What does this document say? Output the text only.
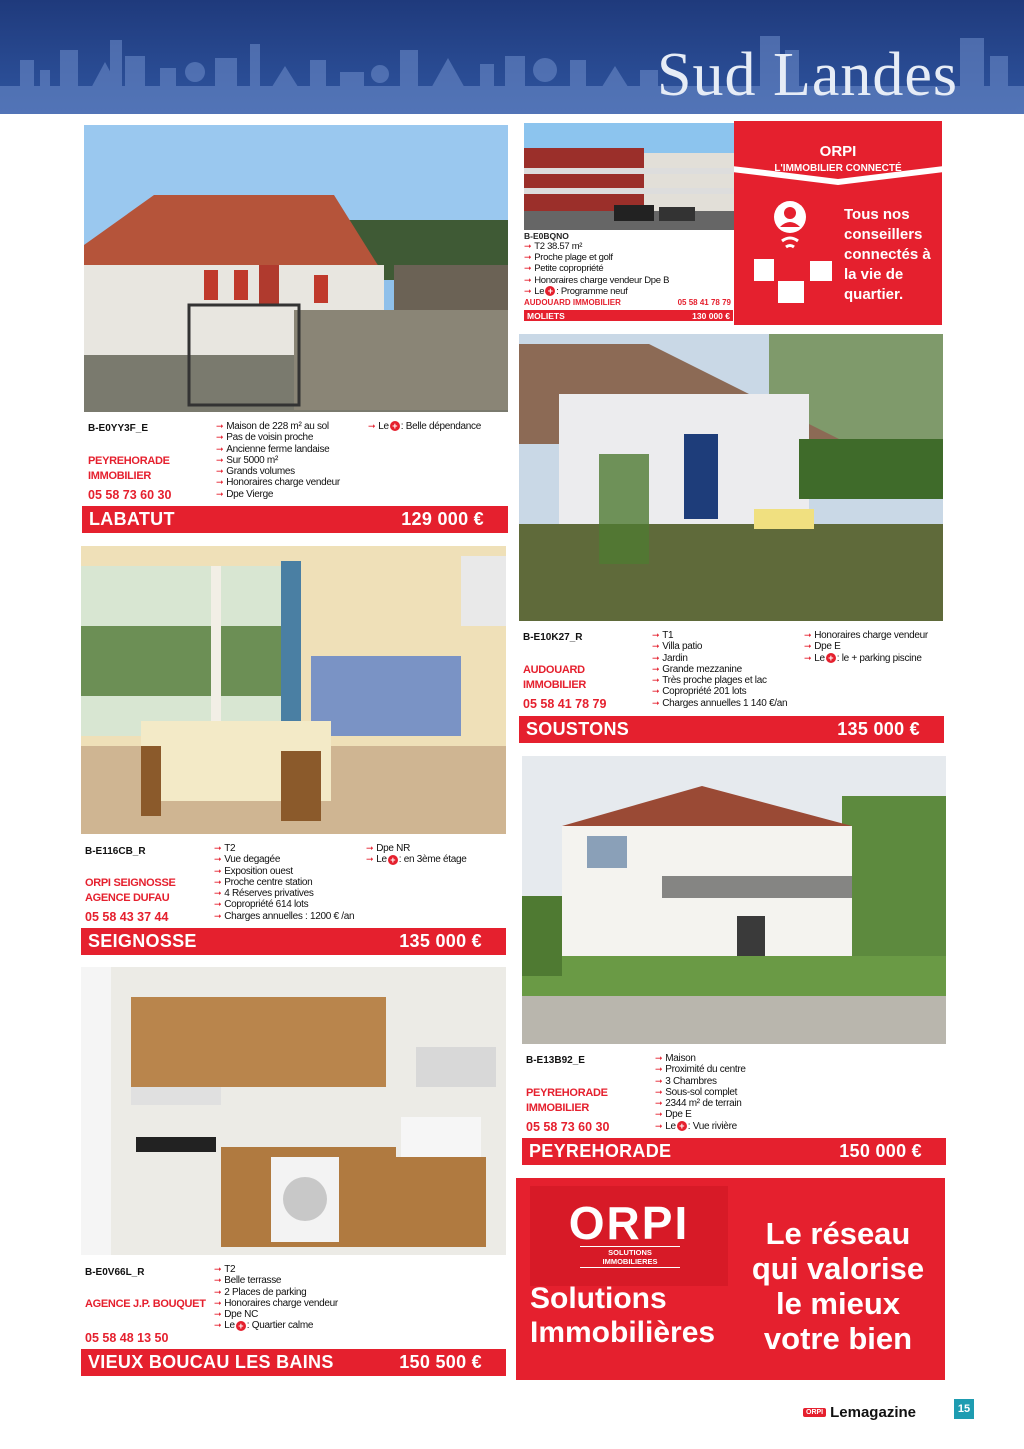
Sud Landes
B-E0YY3F_E
PEYREHORADE
IMMOBILIER
05 58 73 60 30
➞ Maison de 228 m² au sol
➞ Pas de voisin proche
➞ Ancienne ferme landaise
➞ Sur 5000 m²
➞ Grands volumes
➞ Honoraires charge vendeur
➞ Dpe Vierge
➞ Le + : Belle dépendance
LABATUT	129 000 €
B-E0BQNO
➞ T2 38.57 m²
➞ Proche plage et golf
➞ Petite copropriété
➞ Honoraires charge vendeur Dpe B
➞ Le + : Programme neuf
AUDOUARD IMMOBILIER	05 58 41 78 79
MOLIETS	130 000 €
ORPI
L'IMMOBILIER CONNECTÉ
Tous nos conseillers connectés à la vie de quartier.
B-E10K27_R
AUDOUARD
IMMOBILIER
05 58 41 78 79
➞ T1
➞ Villa patio
➞ Jardin
➞ Grande mezzanine
➞ Très proche plages et lac
➞ Copropriété 201 lots
➞ Charges annuelles 1 140 €/an
➞ Honoraires charge vendeur
➞ Dpe E
➞ Le + : le + parking piscine
SOUSTONS	135 000 €
B-E116CB_R
ORPI SEIGNOSSE
AGENCE DUFAU
05 58 43 37 44
➞ T2
➞ Vue degagée
➞ Exposition ouest
➞ Proche centre station
➞ 4 Réserves privatives
➞ Copropriété 614 lots
➞ Charges annuelles : 1200 € /an
➞ Dpe NR
➞ Le + : en 3ème étage
SEIGNOSSE	135 000 €
B-E13B92_E
PEYREHORADE
IMMOBILIER
05 58 73 60 30
➞ Maison
➞ Proximité du centre
➞ 3 Chambres
➞ Sous-sol complet
➞ 2344 m² de terrain
➞ Dpe E
➞ Le + : Vue rivière
PEYREHORADE	150 000 €
B-E0V66L_R
AGENCE J.P. BOUQUET
05 58 48 13 50
➞ T2
➞ Belle terrasse
➞ 2 Places de parking
➞ Honoraires charge vendeur
➞ Dpe NC
➞ Le + : Quartier calme
VIEUX BOUCAU LES BAINS	150 500 €
ORPI
SOLUTIONS IMMOBILIERES
Solutions
Immobilières
Le réseau
qui valorise
le mieux
votre bien
ORPI Lemagazine	15
